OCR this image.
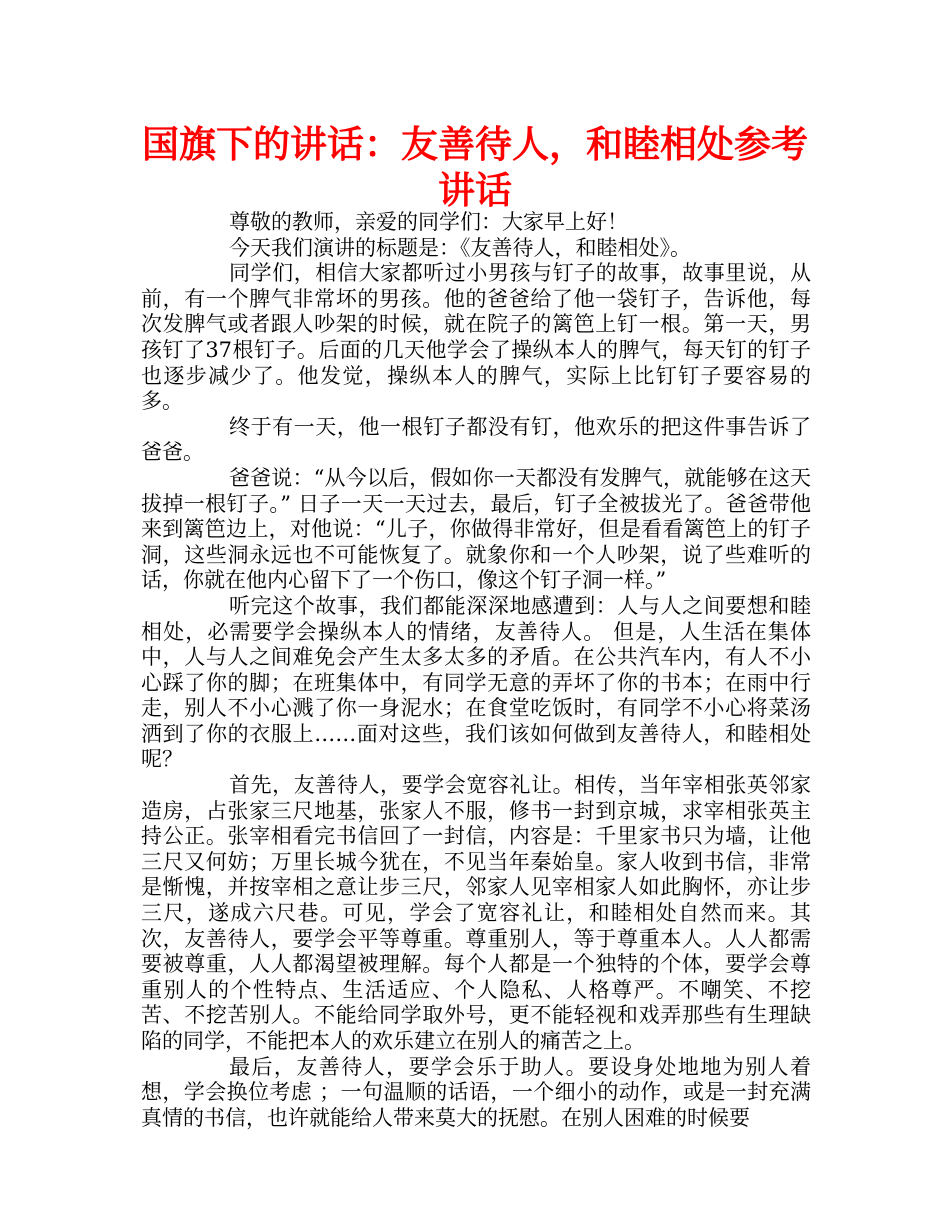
国旗下的讲话：友善待人，和睦相处参考讲话

尊敬的教师，亲爱的同学们：大家早上好！

今天我们演讲的标题是：《友善待人，和睦相处》。

同学们，相信大家都听过小男孩与钉子的故事，故事里说，从前，有一个脾气非常坏的男孩。他的爸爸给了他一袋钉子，告诉他，每次发脾气或者跟人吵架的时候，就在院子的篱笆上钉一根。第一天，男孩钉了37根钉子。后面的几天他学会了操纵本人的脾气，每天钉的钉子也逐步减少了。他发觉，操纵本人的脾气，实际上比钉钉子要容易的多。

终于有一天，他一根钉子都没有钉，他欢乐的把这件事告诉了爸爸。

爸爸说：“从今以后，假如你一天都没有发脾气，就能够在这天拔掉一根钉子。” 日子一天一天过去，最后，钉子全被拔光了。爸爸带他来到篱笆边上，对他说：“儿子，你做得非常好，但是看看篱笆上的钉子洞，这些洞永远也不可能恢复了。就象你和一个人吵架，说了些难听的话，你就在他内心留下了一个伤口，像这个钉子洞一样。”

听完这个故事，我们都能深深地感遭到：人与人之间要想和睦相处，必需要学会操纵本人的情绪，友善待人。 但是，人生活在集体中，人与人之间难免会产生太多太多的矛盾。在公共汽车内，有人不小心踩了你的脚；在班集体中，有同学无意的弄坏了你的书本；在雨中行走，别人不小心溅了你一身泥水；在食堂吃饭时，有同学不小心将菜汤洒到了你的衣服上……面对这些，我们该如何做到友善待人，和睦相处呢？

首先，友善待人，要学会宽容礼让。相传，当年宰相张英邻家造房，占张家三尺地基，张家人不服，修书一封到京城，求宰相张英主持公正。张宰相看完书信回了一封信，内容是：千里家书只为墙，让他三尺又何妨；万里长城今犹在，不见当年秦始皇。家人收到书信，非常是惭愧，并按宰相之意让步三尺，邻家人见宰相家人如此胸怀，亦让步三尺，遂成六尺巷。可见，学会了宽容礼让，和睦相处自然而来。其次，友善待人，要学会平等尊重。尊重别人，等于尊重本人。人人都需要被尊重，人人都渴望被理解。每个人都是一个独特的个体，要学会尊重别人的个性特点、生活适应、个人隐私、人格尊严。不嘲笑、不挖苦、不挖苦别人。不能给同学取外号，更不能轻视和戏弄那些有生理缺陷的同学，不能把本人的欢乐建立在别人的痛苦之上。

最后，友善待人，要学会乐于助人。要设身处地地为别人着想，学会换位考虑 ；一句温顺的话语，一个细小的动作，或是一封充满真情的书信，也许就能给人带来莫大的抚慰。在别人困难的时候要
